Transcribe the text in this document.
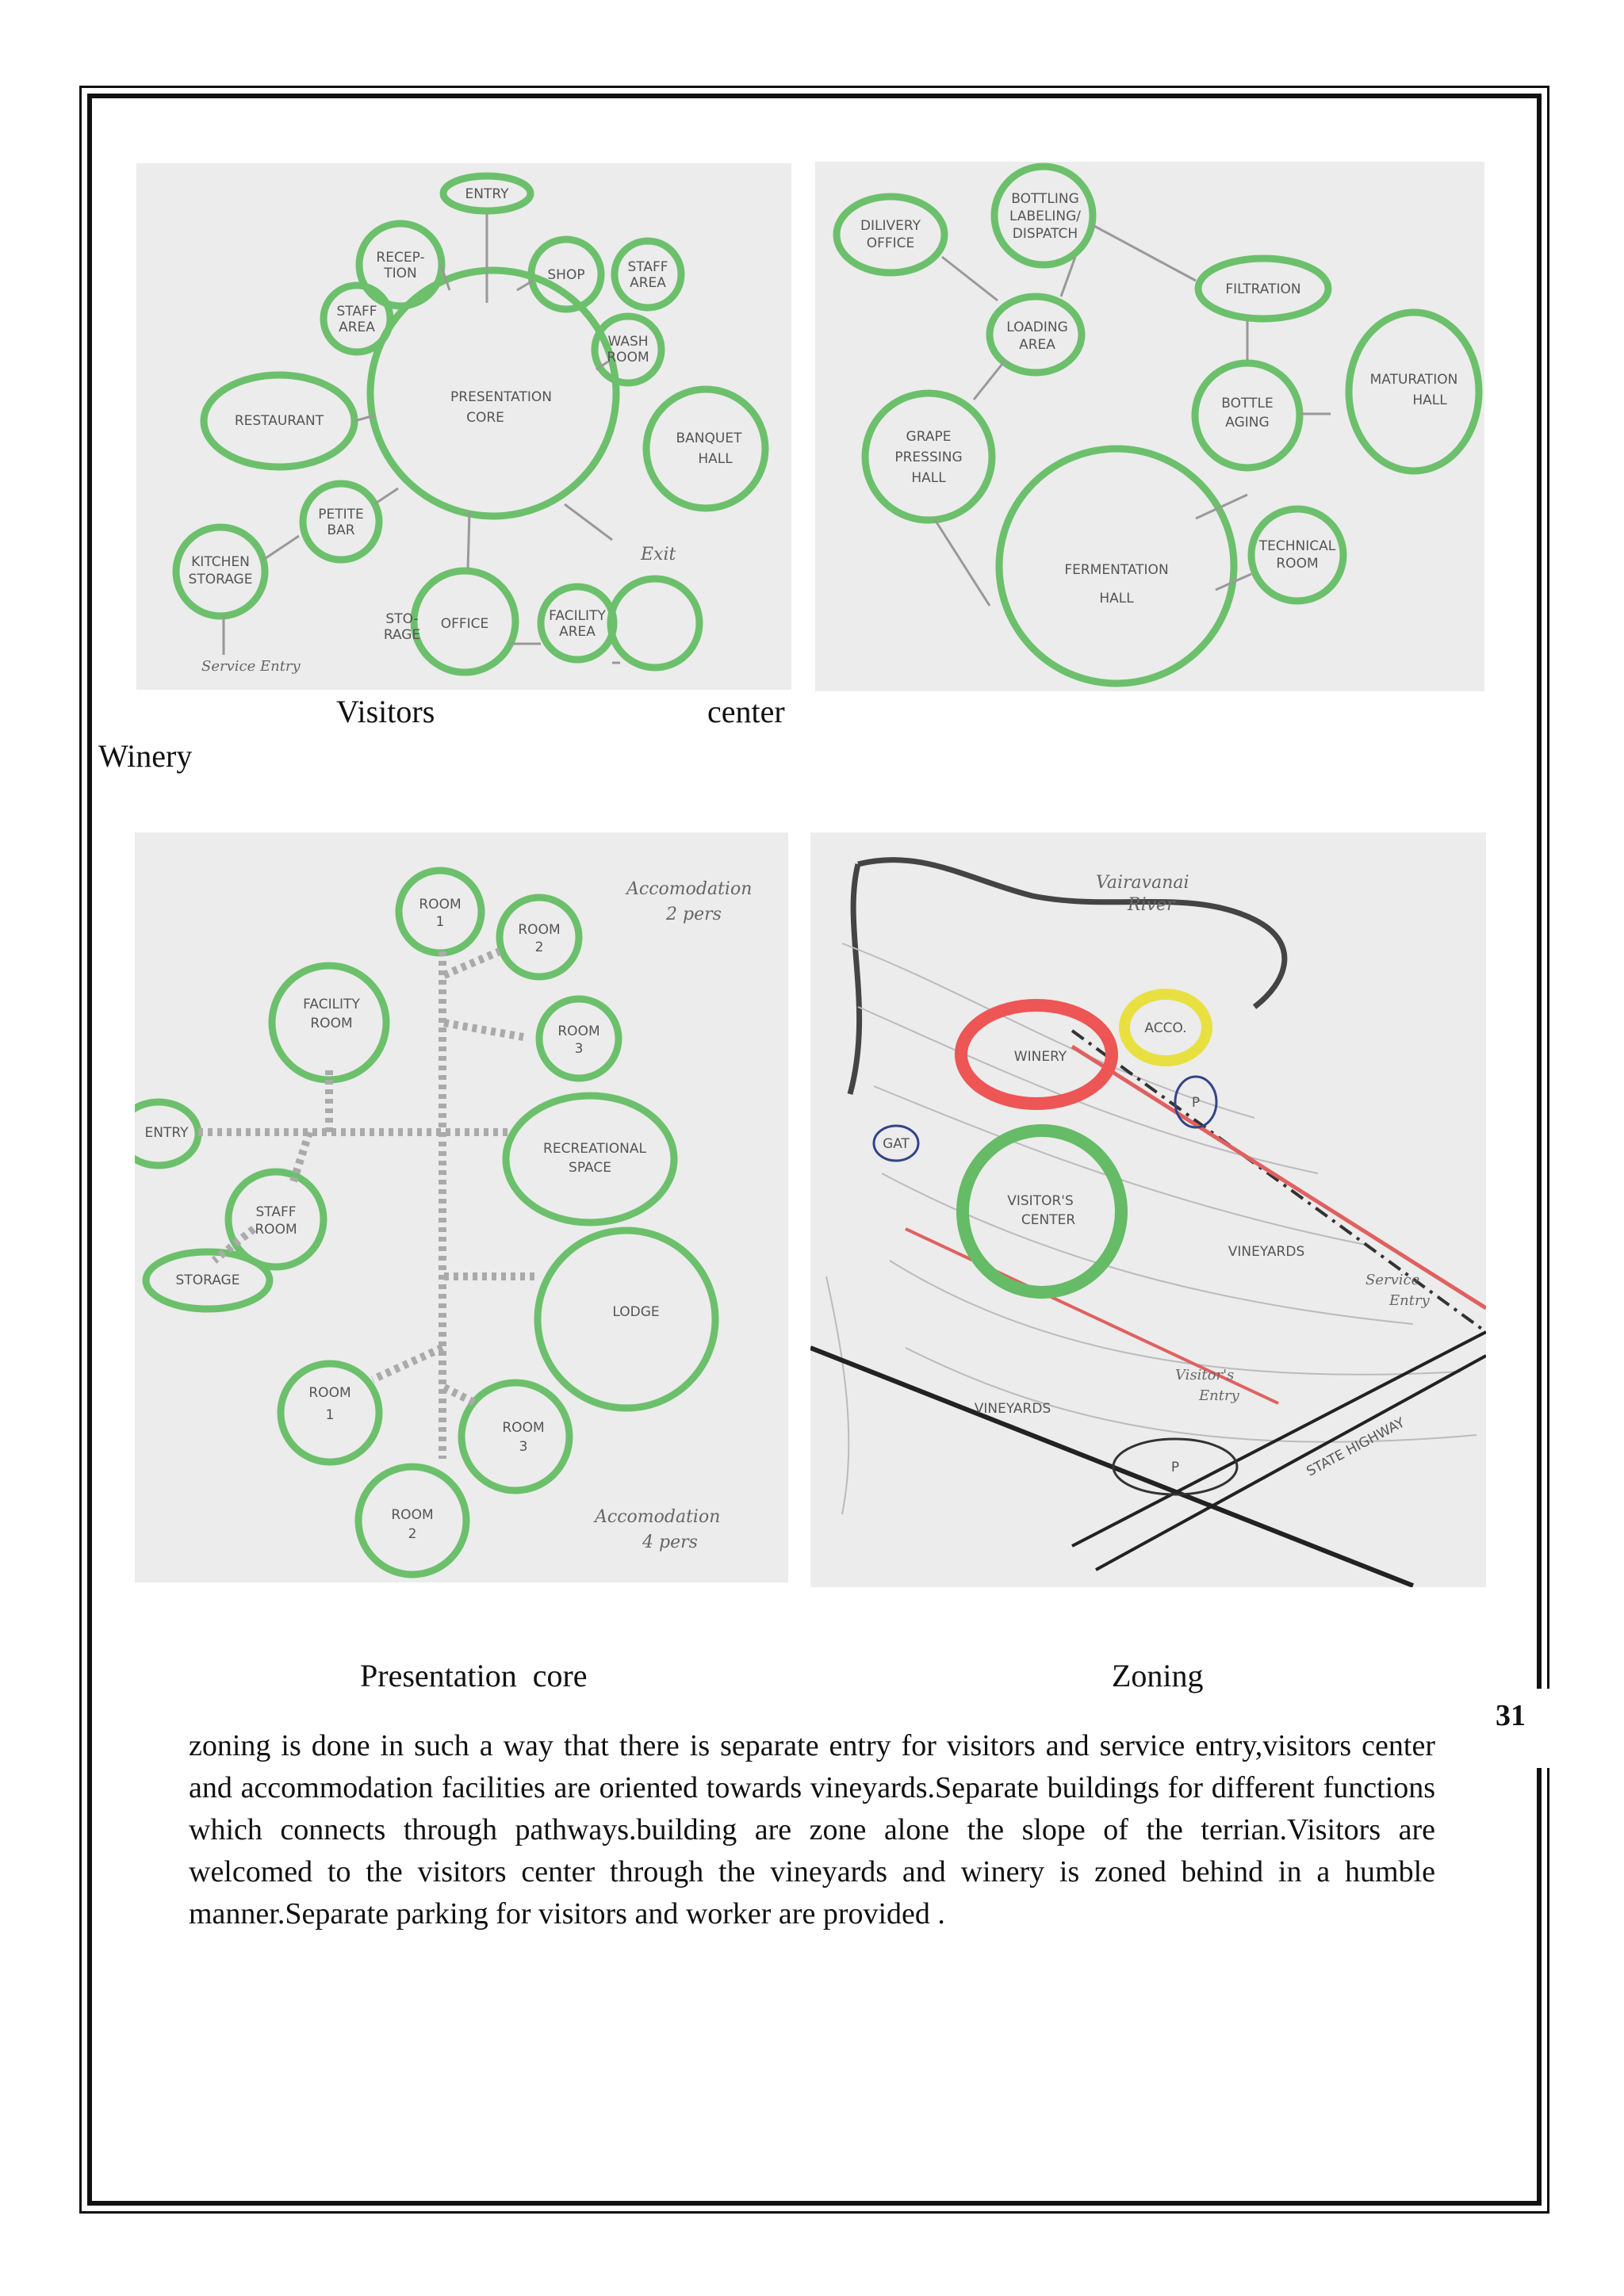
31
ENTRY
RECEP-
TION	SHOP	STAFF
AREA
STAFF
AREA
WASH
ROOM
PRESENTATION
CORE
RESTAURANT
BANQUET
HALL
PETITE
BAR
KITCHEN
STORAGE
STO-
RAGE
OFFICE	FACILITY
AREA
Exit
Service Entry
DILIVERY
OFFICE
BOTTLING
LABELING/
DISPATCH
LOADING
AREA
FILTRATION
MATURATION
HALL
GRAPE
PRESSING
HALL
BOTTLE
AGING
FERMENTATION
HALL
TECHNICAL
ROOM
Visitors	center
Winery
ROOM
1	ROOM
2
ROOM
3
FACILITY
ROOM
ENTRY
RECREATIONAL
SPACE
STAFF
ROOM
STORAGE
LODGE
ROOM
1
ROOM
3
ROOM
2
Accomodation
2 pers
Accomodation
4 pers
Vairavanai
River
WINERY
ACCO.
P
GAT
VISITOR'S
CENTER
VINEYARDS
VINEYARDS
Service
Entry
Visitor's
Entry
STATE HIGHWAY
P
Presentation  core	Zoning
zoning is done in such a way that there is separate entry for visitors and service entry,visitors center and accommodation facilities are oriented towards vineyards.Separate buildings for different functions which connects through pathways.building are zone alone the slope of the terrian.Visitors are welcomed to the visitors center through the vineyards and winery is zoned behind in a humble manner.Separate parking for visitors and worker are provided .
